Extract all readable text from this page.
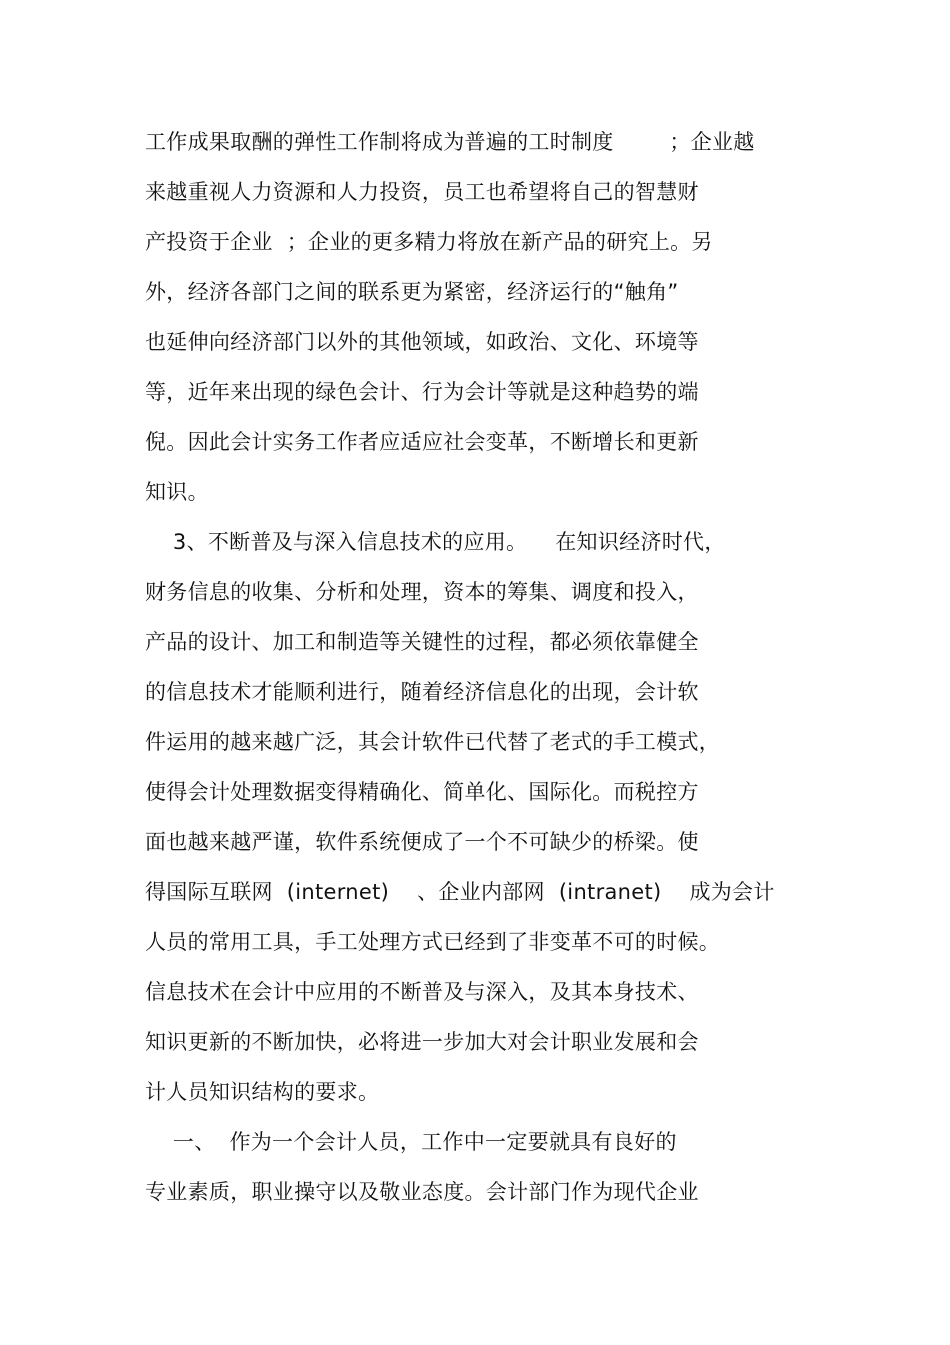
工作成果取酬的弹性工作制将成为普遍的工时制度        ；企业越
来越重视人力资源和人力投资，员工也希望将自己的智慧财
产投资于企业  ；企业的更多精力将放在新产品的研究上。另
外，经济各部门之间的联系更为紧密，经济运行的“触角”
也延伸向经济部门以外的其他领域，如政治、文化、环境等
等，近年来出现的绿色会计、行为会计等就是这种趋势的端
倪。因此会计实务工作者应适应社会变革，不断增长和更新
知识。
3、不断普及与深入信息技术的应用。    在知识经济时代，
财务信息的收集、分析和处理，资本的筹集、调度和投入，
产品的设计、加工和制造等关键性的过程，都必须依靠健全
的信息技术才能顺利进行，随着经济信息化的出现，会计软
件运用的越来越广泛，其会计软件已代替了老式的手工模式，
使得会计处理数据变得精确化、简单化、国际化。而税控方
面也越来越严谨，软件系统便成了一个不可缺少的桥梁。使
得国际互联网  (internet)    、企业内部网  (intranet)    成为会计
人员的常用工具，手工处理方式已经到了非变革不可的时候。
信息技术在会计中应用的不断普及与深入，及其本身技术、
知识更新的不断加快，必将进一步加大对会计职业发展和会
计人员知识结构的要求。
一、  作为一个会计人员，工作中一定要就具有良好的
专业素质，职业操守以及敬业态度。会计部门作为现代企业
